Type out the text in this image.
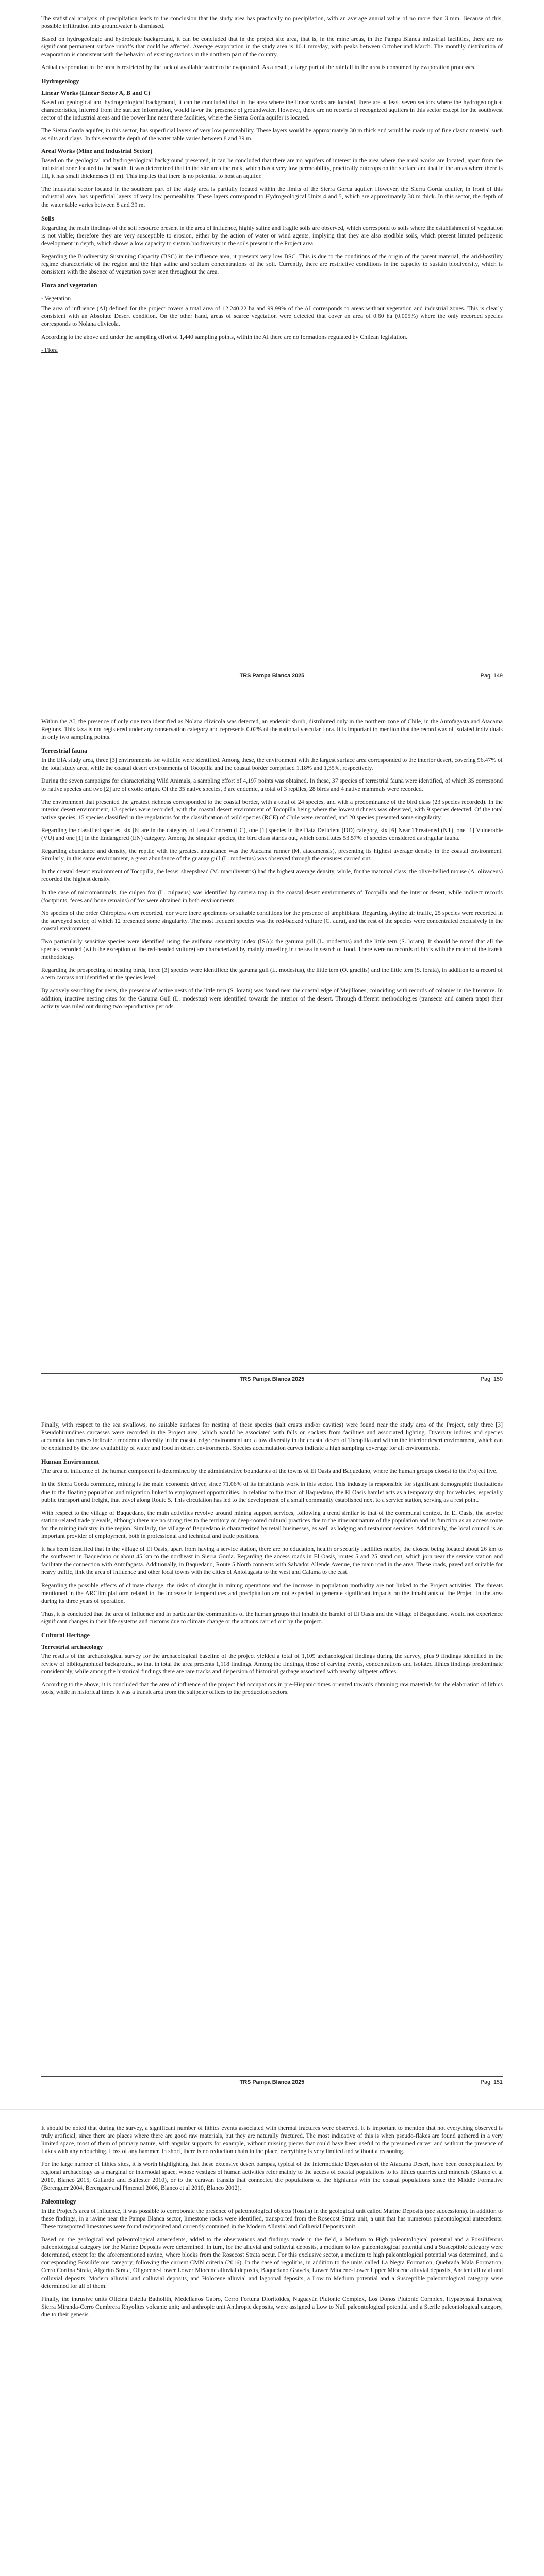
The statistical analysis of precipitation leads to the conclusion that the study area has practically no precipitation, with an average annual value of no more than 3 mm. Because of this, possible infiltration into groundwater is dismissed.

Based on hydrogeologic and hydrologic background, it can be concluded that in the project site area, that is, in the mine areas, in the Pampa Blanca industrial facilities, there are no significant permanent surface runoffs that could be affected. Average evaporation in the study area is 10.1 mm/day, with peaks between October and March. The monthly distribution of evaporation is consistent with the behavior of existing stations in the northern part of the country.

Actual evaporation in the area is restricted by the lack of available water to be evaporated. As a result, a large part of the rainfall in the area is consumed by evaporation processes.

Hydrogeology
Linear Works (Linear Sector A, B and C)

Based on geological and hydrogeological background, it can be concluded that in the area where the linear works are located, there are at least seven sectors where the hydrogeological characteristics, inferred from the surface information, would favor the presence of groundwater. However, there are no records of recognized aquifers in this sector except for the southwest sector of the industrial areas and the power line near these facilities, where the Sierra Gorda aquifer is located.

The Sierra Gorda aquifer, in this sector, has superficial layers of very low permeability. These layers would be approximately 30 m thick and would be made up of fine clastic material such as silts and clays. In this sector the depth of the water table varies between 8 and 39 m.

Areal Works (Mine and Industrial Sector)

Based on the geological and hydrogeological background presented, it can be concluded that there are no aquifers of interest in the area where the areal works are located, apart from the industrial zone located to the south. It was determined that in the site area the rock, which has a very low permeability, practically outcrops on the surface and that in the areas where there is fill, it has small thicknesses (1 m). This implies that there is no potential to host an aquifer.

The industrial sector located in the southern part of the study area is partially located within the limits of the Sierra Gorda aquifer. However, the Sierra Gorda aquifer, in front of this industrial area, has superficial layers of very low permeability. These layers correspond to Hydrogeological Units 4 and 5, which are approximately 30 m thick. In this sector, the depth of the water table varies between 8 and 39 m.

Soils

Regarding the main findings of the soil resource present in the area of influence, highly saline and fragile soils are observed, which correspond to soils where the establishment of vegetation is not viable; therefore they are very susceptible to erosion, either by the action of water or wind agents, implying that they are also erodible soils, which present limited pedogenic development in depth, which shows a low capacity to sustain biodiversity in the soils present in the Project area.

Regarding the Biodiversity Sustaining Capacity (BSC) in the influence area, it presents very low BSC. This is due to the conditions of the origin of the parent material, the arid-hostility regime characteristic of the region and the high saline and sodium concentrations of the soil. Currently, there are restrictive conditions in the capacity to sustain biodiversity, which is consistent with the absence of vegetation cover seen throughout the area.

Flora and vegetation

- Vegetation

The area of influence (AI) defined for the project covers a total area of 12,240.22 ha and 99.99% of the AI corresponds to areas without vegetation and industrial zones. This is clearly consistent with an Absolute Desert condition. On the other hand, areas of scarce vegetation were detected that cover an area of 0.60 ha (0.005%) where the only recorded species corresponds to Nolana clivicola.

According to the above and under the sampling effort of 1,440 sampling points, within the AI there are no formations regulated by Chilean legislation.

- Flora

TRS Pampa Blanca 2025	Pag. 149

Within the AI, the presence of only one taxa identified as Nolana clivicola was detected, an endemic shrub, distributed only in the northern zone of Chile, in the Antofagasta and Atacama Regions. This taxa is not registered under any conservation category and represents 0.02% of the national vascular flora. It is important to mention that the record was of isolated individuals in only two sampling points.

Terrestrial fauna

In the EIA study area, three [3] environments for wildlife were identified. Among these, the environment with the largest surface area corresponded to the interior desert, covering 96.47% of the total study area, while the coastal desert environments of Tocopilla and the coastal border comprised 1.18% and 1,35%, respectively.

During the seven campaigns for characterizing Wild Animals, a sampling effort of 4,197 points was obtained. In these, 37 species of terrestrial fauna were identified, of which 35 correspond to native species and two [2] are of exotic origin. Of the 35 native species, 3 are endemic, a total of 3 reptiles, 28 birds and 4 native mammals were recorded.

The environment that presented the greatest richness corresponded to the coastal border, with a total of 24 species, and with a predominance of the bird class (23 species recorded). In the interior desert environment, 13 species were recorded, with the coastal desert environment of Tocopilla being where the lowest richness was observed, with 9 species detected. Of the total native species, 15 species classified in the regulations for the classification of wild species (RCE) of Chile were recorded, and 20 species presented some singularity.

Regarding the classified species, six [6] are in the category of Least Concern (LC), one [1] species in the Data Deficient (DD) category, six [6] Near Threatened (NT), one [1] Vulnerable (VU) and one [1] in the Endangered (EN) category. Among the singular species, the bird class stands out, which constitutes 53.57% of species considered as singular fauna.

Regarding abundance and density, the reptile with the greatest abundance was the Atacama runner (M. atacamensis), presenting its highest average density in the coastal environment. Similarly, in this same environment, a great abundance of the guanay gull (L. modestus) was observed through the censuses carried out.

In the coastal desert environment of Tocopilla, the lesser sheepshead (M. maculiventris) had the highest average density, while, for the mammal class, the olive-bellied mouse (A. olivaceus) recorded the highest density.

In the case of micromammals, the culpeo fox (L. culpaeus) was identified by camera trap in the coastal desert environments of Tocopilla and the interior desert, while indirect records (footprints, feces and bone remains) of fox were obtained in both environments.

No species of the order Chiroptera were recorded, nor were there specimens or suitable conditions for the presence of amphibians. Regarding skyline air traffic, 25 species were recorded in the surveyed sector, of which 12 presented some singularity. The most frequent species was the red-backed vulture (C. aura), and the rest of the species were concentrated exclusively in the coastal environment.

Two particularly sensitive species were identified using the avifauna sensitivity index (ISA): the garuma gull (L. modestus) and the little tern (S. lorata). It should be noted that all the species recorded (with the exception of the red-headed vulture) are characterized by mainly traveling in the sea in search of food. There were no records of birds with the motor of the transit methodology.

Regarding the prospecting of nesting birds, three [3] species were identified: the garuma gull (L. modestus), the little tern (O. gracilis) and the little tern (S. lorata), in addition to a record of a tern carcass not identified at the species level.

By actively searching for nests, the presence of active nests of the little tern (S. lorata) was found near the coastal edge of Mejillones, coinciding with records of colonies in the literature. In addition, inactive nesting sites for the Garuma Gull (L. modestus) were identified towards the interior of the desert. Through different methodologies (transects and camera traps) their activity was ruled out during two reproductive periods.

TRS Pampa Blanca 2025	Pag. 150

Finally, with respect to the sea swallows, no suitable surfaces for nesting of these species (salt crusts and/or cavities) were found near the study area of the Project, only three [3] Pseudohirundines carcasses were recorded in the Project area, which would be associated with falls on sockets from facilities and associated lighting. Diversity indices and species accumulation curves indicate a moderate diversity in the coastal edge environment and a low diversity in the coastal desert of Tocopilla and within the interior desert environment, which can be explained by the low availability of water and food in desert environments. Species accumulation curves indicate a high sampling coverage for all environments.

Human Environment

The area of influence of the human component is determined by the administrative boundaries of the towns of El Oasis and Baquedano, where the human groups closest to the Project live.

In the Sierra Gorda commune, mining is the main economic driver, since 71.06% of its inhabitants work in this sector. This industry is responsible for significant demographic fluctuations due to the floating population and migration linked to employment opportunities. In relation to the town of Baquedano, the El Oasis hamlet acts as a temporary stop for vehicles, especially public transport and freight, that travel along Route 5. This circulation has led to the development of a small community established next to a service station, serving as a rest point.

With respect to the village of Baquedano, the main activities revolve around mining support services, following a trend similar to that of the communal context. In El Oasis, the service station-related trade prevails, although there are no strong ties to the territory or deep-rooted cultural practices due to the itinerant nature of the population and its function as an access route for the mining industry in the region. Similarly, the village of Baquedano is characterized by retail businesses, as well as lodging and restaurant services. Additionally, the local council is an important provider of employment, both in professional and technical and trade positions.

It has been identified that in the village of El Oasis, apart from having a service station, there are no education, health or security facilities nearby, the closest being located about 26 km to the southwest in Baquedano or about 45 km to the northeast in Sierra Gorda. Regarding the access roads in El Oasis, routes 5 and 25 stand out, which join near the service station and facilitate the connection with Antofagasta. Additionally, in Baquedano, Route 5 North connects with Salvador Allende Avenue, the main road in the area. These roads, paved and suitable for heavy traffic, link the area of influence and other local towns with the cities of Antofagasta to the west and Calama to the east.

Regarding the possible effects of climate change, the risks of drought in mining operations and the increase in population morbidity are not linked to the Project activities. The threats mentioned in the ARClim platform related to the increase in temperatures and precipitation are not expected to generate significant impacts on the inhabitants of the Project in the area during its three years of operation.

Thus, it is concluded that the area of influence and in particular the communities of the human groups that inhabit the hamlet of El Oasis and the village of Baquedano, would not experience significant changes in their life systems and customs due to climate change or the actions carried out by the project.

Cultural Heritage
Terrestrial archaeology

The results of the archaeological survey for the archaeological baseline of the project yielded a total of 1,109 archaeological findings during the survey, plus 9 findings identified in the review of bibliographical background, so that in total the area presents 1,118 findings. Among the findings, those of carving events, concentrations and isolated lithics findings predominate considerably, while among the historical findings there are rare tracks and dispersion of historical garbage associated with nearby saltpeter offices.

According to the above, it is concluded that the area of influence of the project had occupations in pre-Hispanic times oriented towards obtaining raw materials for the elaboration of lithics tools, while in historical times it was a transit area from the saltpeter offices to the production sectors.

TRS Pampa Blanca 2025	Pag. 151

It should be noted that during the survey, a significant number of lithics events associated with thermal fractures were observed. It is important to mention that not everything observed is truly artificial, since there are places where there are good raw materials, but they are naturally fractured. The most indicative of this is when pseudo-flakes are found gathered in a very limited space, most of them of primary nature, with angular supports for example, without missing pieces that could have been useful to the presumed carver and without the presence of flakes with any retouching. Loss of any hammer. In short, there is no reduction chain in the place, everything is very limited and without a reasoning.

For the large number of lithics sites, it is worth highlighting that these extensive desert pampas, typical of the Intermediate Depression of the Atacama Desert, have been conceptualized by regional archaeology as a marginal or internodal space, whose vestiges of human activities refer mainly to the access of coastal populations to its lithics quarries and minerals (Blanco et al 2010, Blanco 2015, Gallardo and Ballester 2010), or to the caravan transits that connected the populations of the highlands with the coastal populations since the Middle Formative (Berenguer 2004, Berenguer and Pimentel 2006, Blanco et al 2010, Blanco 2012).

Paleontology

In the Project's area of influence, it was possible to corroborate the presence of paleontological objects (fossils) in the geological unit called Marine Deposits (see successions). In addition to these findings, in a ravine near the Pampa Blanca sector, limestone rocks were identified, transported from the Rosecost Strata unit, a unit that has numerous paleontological antecedents. These transported limestones were found redeposited and currently contained in the Modern Alluvial and Colluvial Deposits unit.

Based on the geological and paleontological antecedents, added to the observations and findings made in the field, a Medium to High paleontological potential and a Fossiliferous paleontological category for the Marine Deposits were determined. In turn, for the alluvial and colluvial deposits, a medium to low paleontological potential and a Susceptible category were determined, except for the aforementioned ravine, where blocks from the Rosecost Strata occur. For this exclusive sector, a medium to high paleontological potential was determined, and a corresponding Fossiliferous category, following the current CMN criteria (2016). In the case of regoliths, in addition to the units called La Negra Formation, Quebrada Mala Formation, Cerro Cortina Strata, Algarito Strata, Oligocene-Lower Lower Miocene alluvial deposits, Baquedano Gravels, Lower Miocene-Lower Upper Miocene alluvial deposits, Ancient alluvial and colluvial deposits, Modern alluvial and colluvial deposits, and Holocene alluvial and lagoonal deposits, a Low to Medium potential and a Susceptible paleontological category were determined for all of them.

Finally, the intrusive units Oficina Estella Batholith, Medellanos Gabro, Cerro Fortuna Dioritoides, Naguayán Plutonic Complex, Los Donos Plutonic Complex, Hypabyssal Intrusives; Sierra Miranda-Cerro Cumbrera Rhyolites volcanic unit; and anthropic unit Anthropic deposits, were assigned a Low to Null paleontological potential and a Sterile paleontological category, due to their genesis.
